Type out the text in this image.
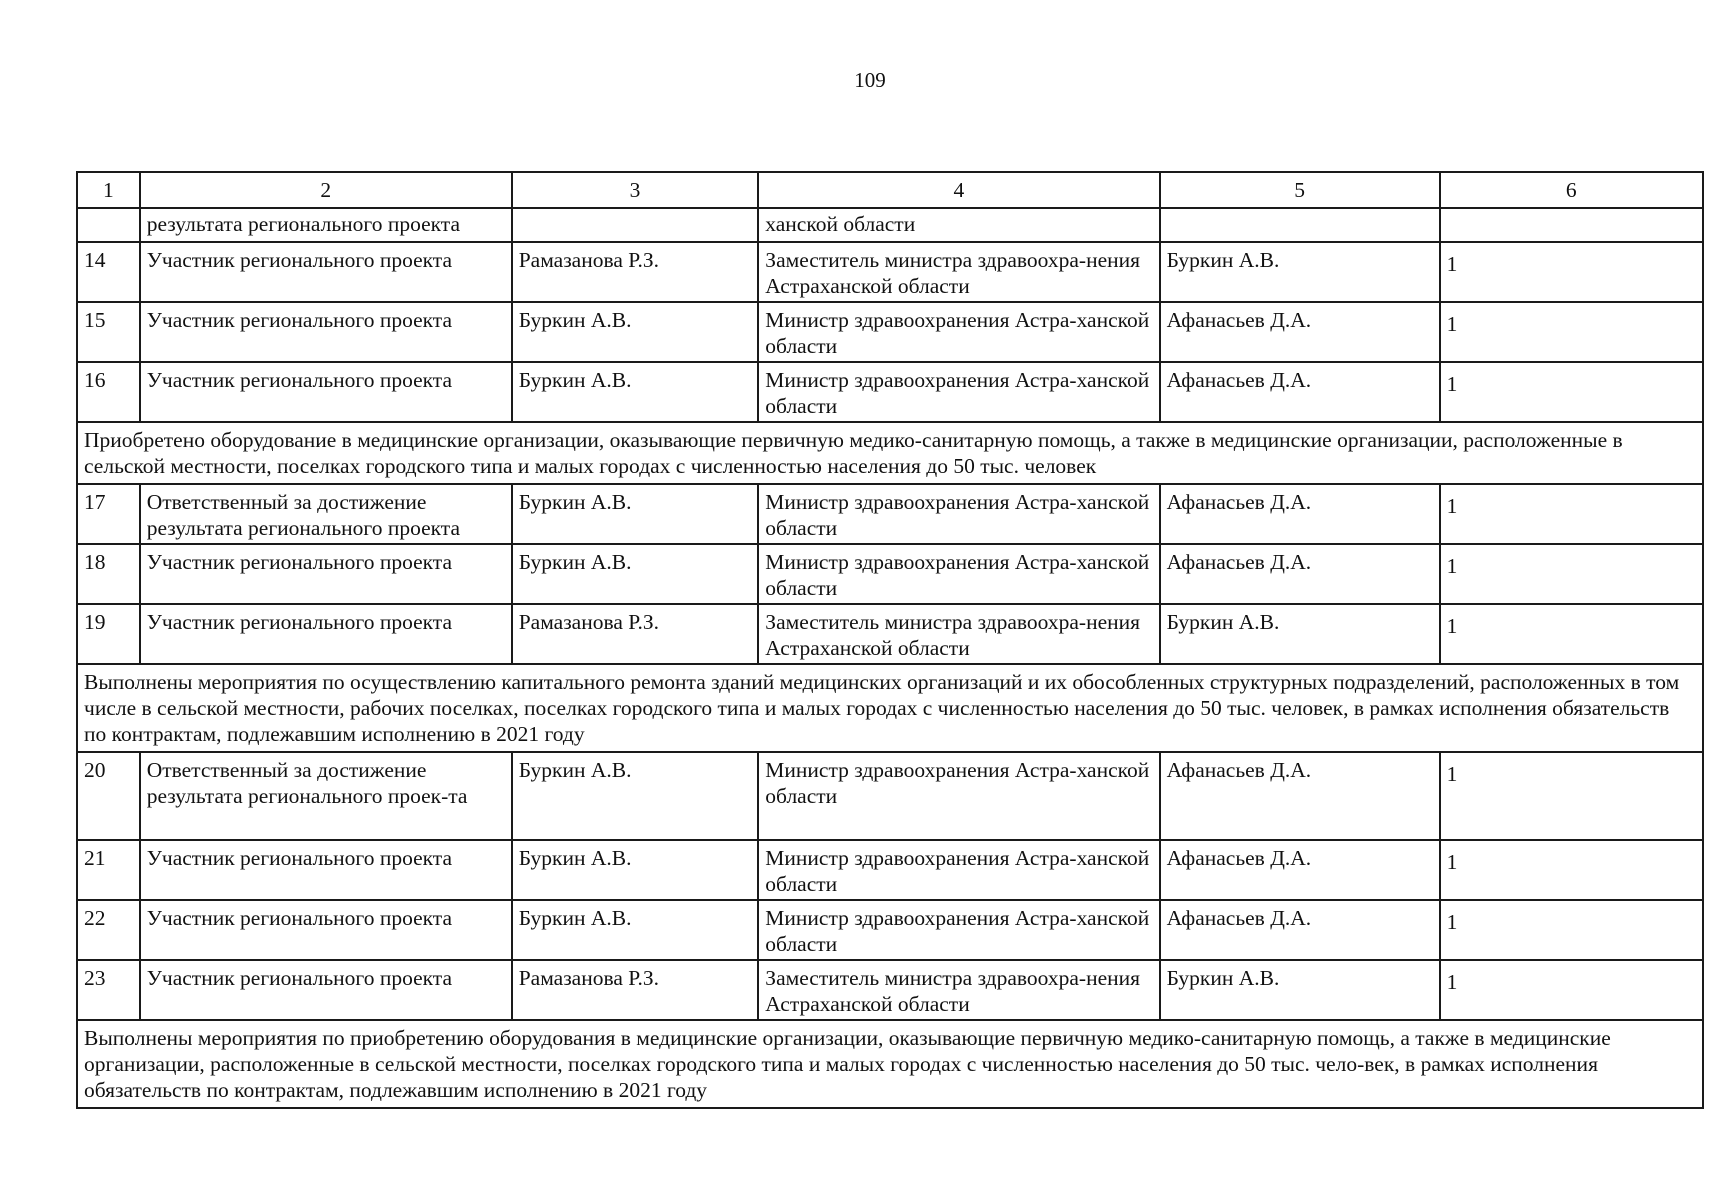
109
1	2	3	4	5	6
	результата регионального проекта		ханской области		
14	Участник регионального проекта	Рамазанова Р.З.	Заместитель министра здравоохра-нения Астраханской области	Буркин А.В.	1

15	Участник регионального проекта	Буркин А.В.	Министр здравоохранения Астра-ханской области	Афанасьев Д.А.	1

16	Участник регионального проекта	Буркин А.В.	Министр здравоохранения Астра-ханской области	Афанасьев Д.А.	1

Приобретено оборудование в медицинские организации, оказывающие первичную медико-санитарную помощь, а также в медицинские организации, расположенные в сельской местности, поселках городского типа и малых городах с численностью населения до 50 тыс. человек					
17	Ответственный за достижение результата регионального проекта	Буркин А.В.	Министр здравоохранения Астра-ханской области	Афанасьев Д.А.	1

18	Участник регионального проекта	Буркин А.В.	Министр здравоохранения Астра-ханской области	Афанасьев Д.А.	1

19	Участник регионального проекта	Рамазанова Р.З.	Заместитель министра здравоохра-нения Астраханской области	Буркин А.В.	1

Выполнены мероприятия по осуществлению капитального ремонта зданий медицинских организаций и их обособленных структурных подразделений, расположенных в том числе в сельской местности, рабочих поселках, поселках городского типа и малых городах с численностью населения до 50 тыс. человек, в рамках исполнения обязательств по контрактам, подлежавшим исполнению в 2021 году					
20	Ответственный за достижение результата регионального проек-та	Буркин А.В.	Министр здравоохранения Астра-ханской области	Афанасьев Д.А.	1

21	Участник регионального проекта	Буркин А.В.	Министр здравоохранения Астра-ханской области	Афанасьев Д.А.	1

22	Участник регионального проекта	Буркин А.В.	Министр здравоохранения Астра-ханской области	Афанасьев Д.А.	1

23	Участник регионального проекта	Рамазанова Р.З.	Заместитель министра здравоохра-нения Астраханской области	Буркин А.В.	1

Выполнены мероприятия по приобретению оборудования в медицинские организации, оказывающие первичную медико-санитарную помощь, а также в медицинские организации, расположенные в сельской местности, поселках городского типа и малых городах с численностью населения до 50 тыс. чело-век, в рамках исполнения обязательств по контрактам, подлежавшим исполнению в 2021 году					
